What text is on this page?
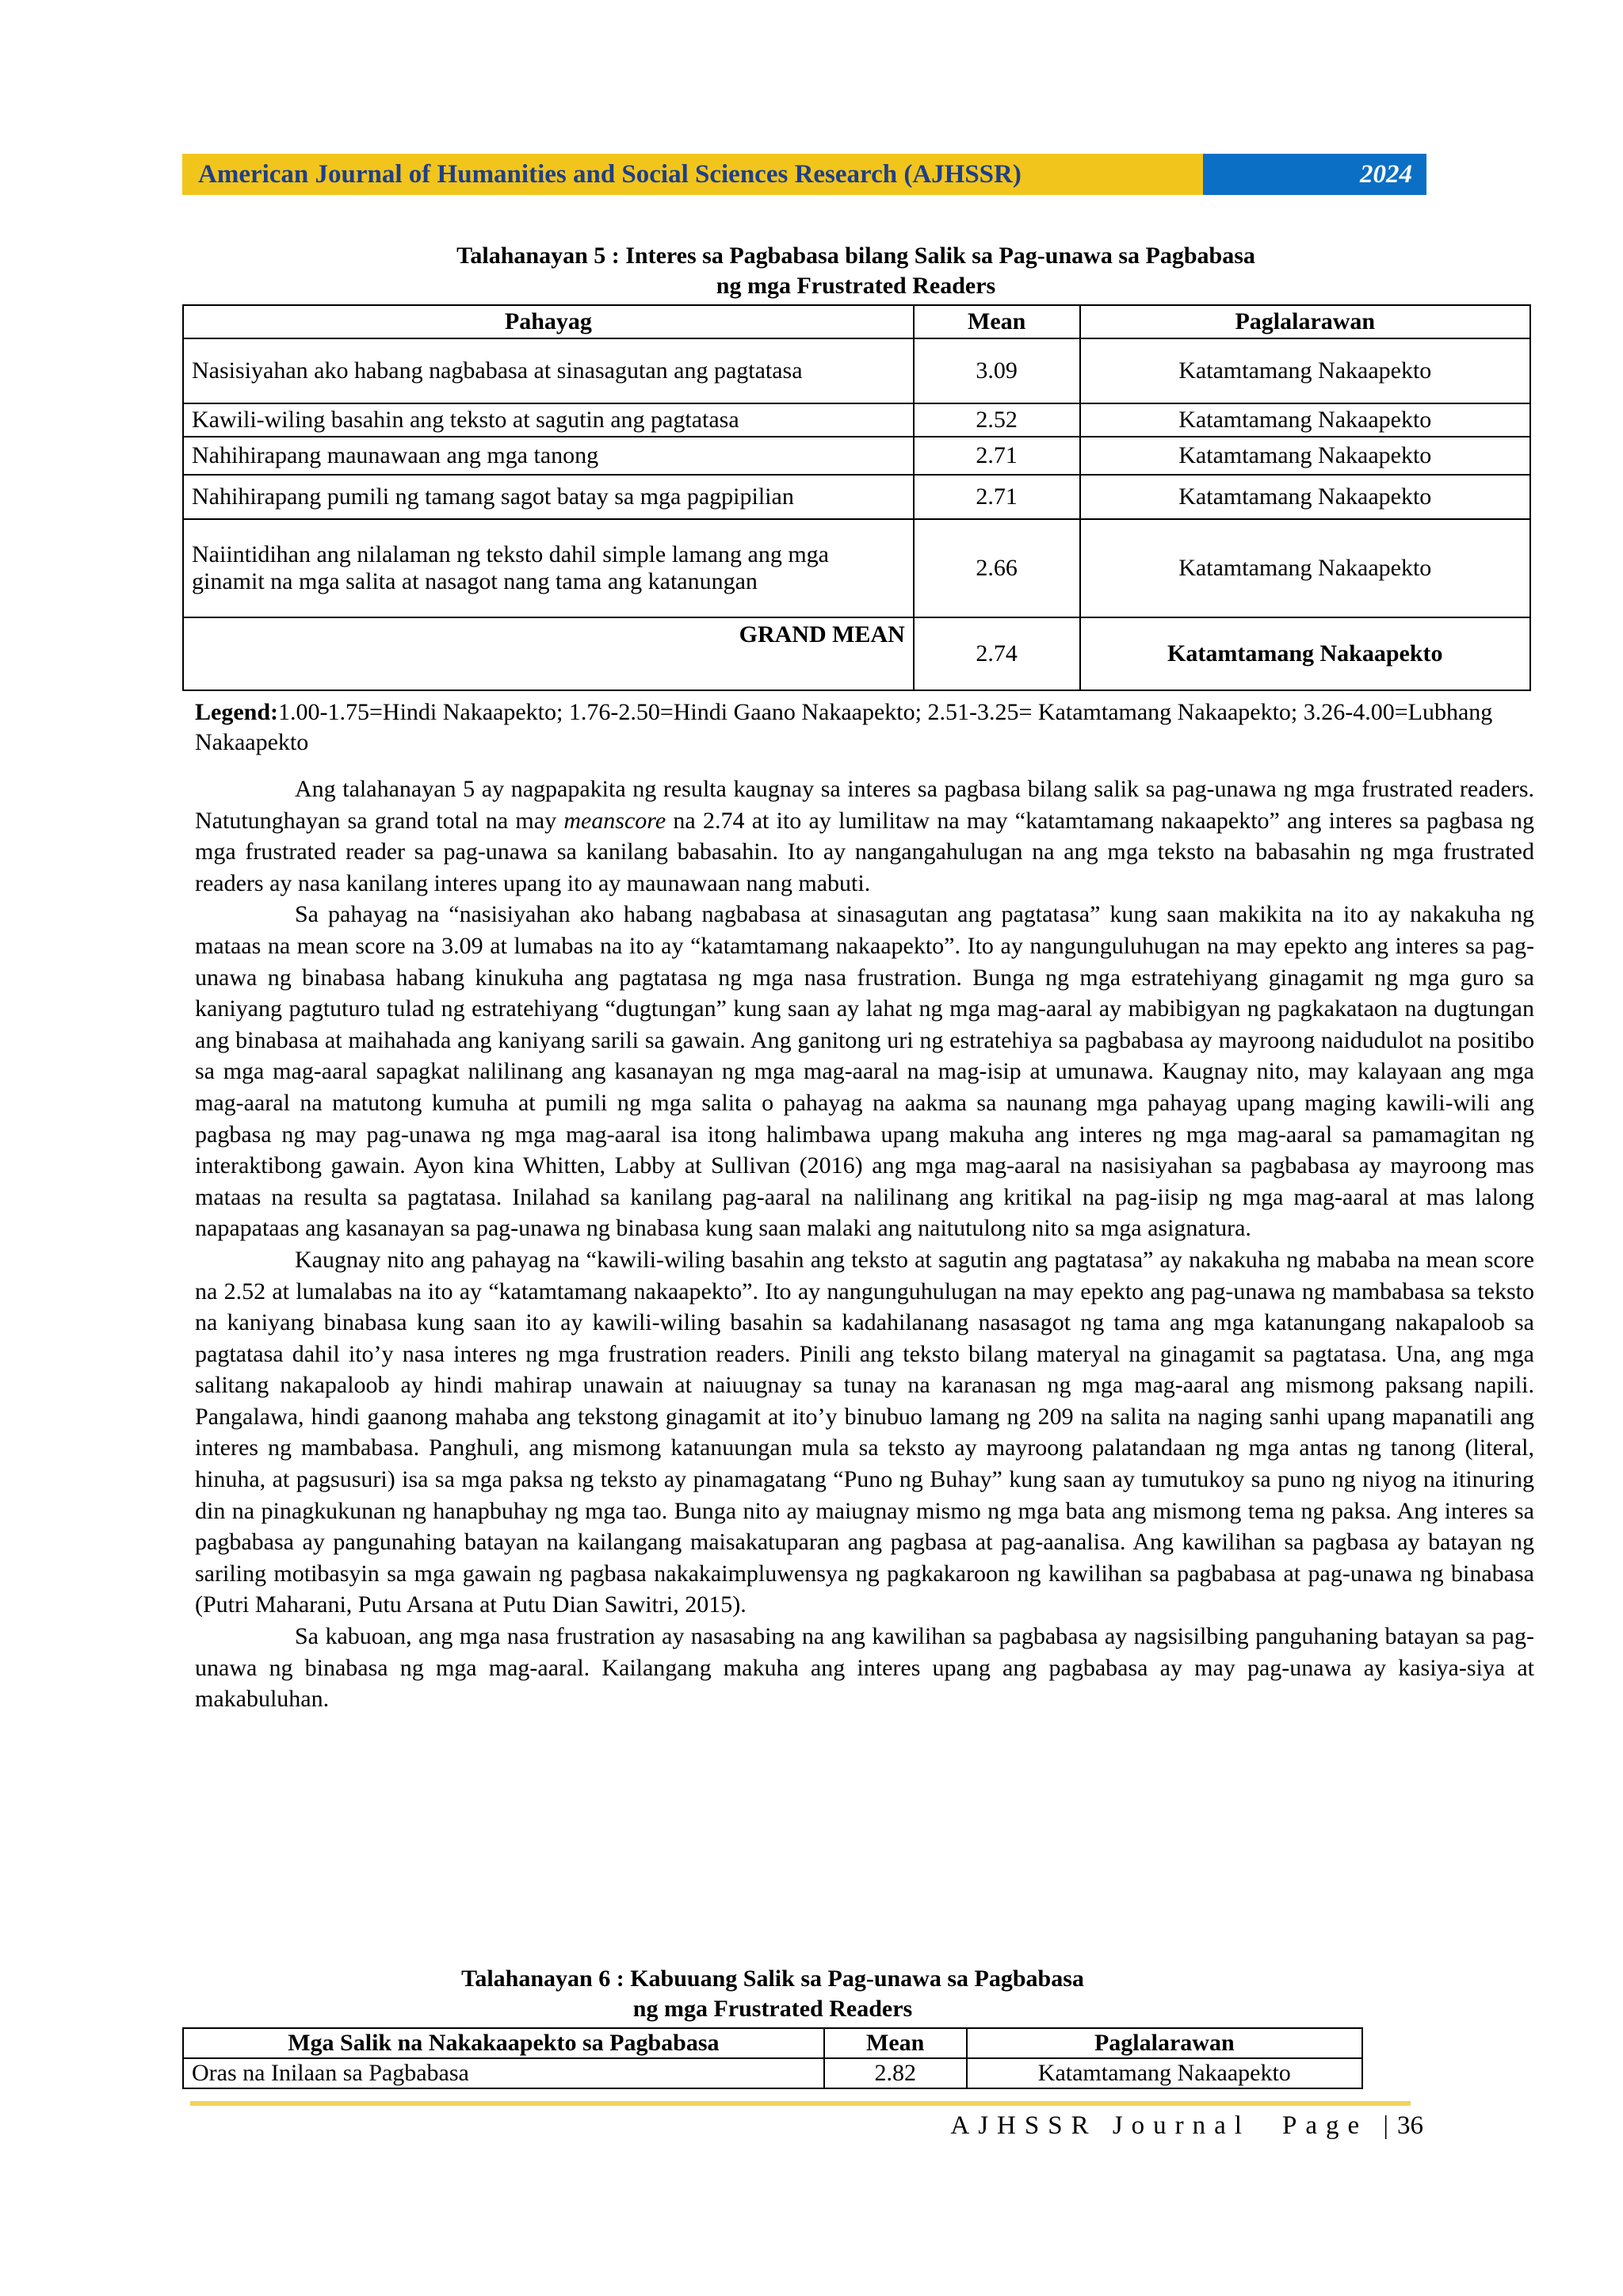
American Journal of Humanities and Social Sciences Research (AJHSSR)	2024
Talahanayan 5 : Interes sa Pagbabasa bilang Salik sa Pag-unawa sa Pagbabasa
ng mga Frustrated Readers
Pahayag	Mean	Paglalarawan
Nasisiyahan ako habang nagbabasa at sinasagutan ang pagtatasa	3.09	Katamtamang Nakaapekto
Kawili-wiling basahin ang teksto at sagutin ang pagtatasa	2.52	Katamtamang Nakaapekto
Nahihirapang maunawaan ang mga tanong	2.71	Katamtamang Nakaapekto
Nahihirapang pumili ng tamang sagot batay sa mga pagpipilian	2.71	Katamtamang Nakaapekto
Naiintidihan ang nilalaman ng teksto dahil simple lamang ang mga ginamit na mga salita at nasagot nang tama ang katanungan	2.66	Katamtamang Nakaapekto
GRAND MEAN	2.74	Katamtamang Nakaapekto
Legend:1.00-1.75=Hindi Nakaapekto; 1.76-2.50=Hindi Gaano Nakaapekto; 2.51-3.25= Katamtamang Nakaapekto; 3.26-4.00=Lubhang Nakaapekto

Ang talahanayan 5 ay nagpapakita ng resulta kaugnay sa interes sa pagbasa bilang salik sa pag-unawa ng mga frustrated readers. Natutunghayan sa grand total na may meanscore na 2.74 at ito ay lumilitaw na may “katamtamang nakaapekto” ang interes sa pagbasa ng mga frustrated reader sa pag-unawa sa kanilang babasahin. Ito ay nangangahulugan na ang mga teksto na babasahin ng mga frustrated readers ay nasa kanilang interes upang ito ay maunawaan nang mabuti.

Sa pahayag na “nasisiyahan ako habang nagbabasa at sinasagutan ang pagtatasa” kung saan makikita na ito ay nakakuha ng mataas na mean score na 3.09 at lumabas na ito ay “katamtamang nakaapekto”. Ito ay nangunguluhugan na may epekto ang interes sa pag-unawa ng binabasa habang kinukuha ang pagtatasa ng mga nasa frustration. Bunga ng mga estratehiyang ginagamit ng mga guro sa kaniyang pagtuturo tulad ng estratehiyang “dugtungan” kung saan ay lahat ng mga mag-aaral ay mabibigyan ng pagkakataon na dugtungan ang binabasa at maihahada ang kaniyang sarili sa gawain. Ang ganitong uri ng estratehiya sa pagbabasa ay mayroong naidudulot na positibo sa mga mag-aaral sapagkat nalilinang ang kasanayan ng mga mag-aaral na mag-isip at umunawa. Kaugnay nito, may kalayaan ang mga mag-aaral na matutong kumuha at pumili ng mga salita o pahayag na aakma sa naunang mga pahayag upang maging kawili-wili ang pagbasa ng may pag-unawa ng mga mag-aaral isa itong halimbawa upang makuha ang interes ng mga mag-aaral sa pamamagitan ng interaktibong gawain. Ayon kina Whitten, Labby at Sullivan (2016) ang mga mag-aaral na nasisiyahan sa pagbabasa ay mayroong mas mataas na resulta sa pagtatasa. Inilahad sa kanilang pag-aaral na nalilinang ang kritikal na pag-iisip ng mga mag-aaral at mas lalong napapataas ang kasanayan sa pag-unawa ng binabasa kung saan malaki ang naitutulong nito sa mga asignatura.

Kaugnay nito ang pahayag na “kawili-wiling basahin ang teksto at sagutin ang pagtatasa” ay nakakuha ng mababa na mean score na 2.52 at lumalabas na ito ay “katamtamang nakaapekto”. Ito ay nangunguhulugan na may epekto ang pag-unawa ng mambabasa sa teksto na kaniyang binabasa kung saan ito ay kawili-wiling basahin sa kadahilanang nasasagot ng tama ang mga katanungang nakapaloob sa pagtatasa dahil ito’y nasa interes ng mga frustration readers. Pinili ang teksto bilang materyal na ginagamit sa pagtatasa. Una, ang mga salitang nakapaloob ay hindi mahirap unawain at naiuugnay sa tunay na karanasan ng mga mag-aaral ang mismong paksang napili. Pangalawa, hindi gaanong mahaba ang tekstong ginagamit at ito’y binubuo lamang ng 209 na salita na naging sanhi upang mapanatili ang interes ng mambabasa. Panghuli, ang mismong katanuungan mula sa teksto ay mayroong palatandaan ng mga antas ng tanong (literal, hinuha, at pagsusuri) isa sa mga paksa ng teksto ay pinamagatang “Puno ng Buhay” kung saan ay tumutukoy sa puno ng niyog na itinuring din na pinagkukunan ng hanapbuhay ng mga tao. Bunga nito ay maiugnay mismo ng mga bata ang mismong tema ng paksa. Ang interes sa pagbabasa ay pangunahing batayan na kailangang maisakatuparan ang pagbasa at pag-aanalisa. Ang kawilihan sa pagbasa ay batayan ng sariling motibasyin sa mga gawain ng pagbasa nakakaimpluwensya ng pagkakaroon ng kawilihan sa pagbabasa at pag-unawa ng binabasa (Putri Maharani, Putu Arsana at Putu Dian Sawitri, 2015).

Sa kabuoan, ang mga nasa frustration ay nasasabing na ang kawilihan sa pagbabasa ay nagsisilbing panguhaning batayan sa pag-unawa ng binabasa ng mga mag-aaral. Kailangang makuha ang interes upang ang pagbabasa ay may pag-unawa ay kasiya-siya at makabuluhan.

Talahanayan 6 : Kabuuang Salik sa Pag-unawa sa Pagbabasa
ng mga Frustrated Readers
Mga Salik na Nakakaapekto sa Pagbabasa	Mean	Paglalarawan
Oras na Inilaan sa Pagbabasa	2.82	Katamtamang Nakaapekto
AJHSSR Journal Page |36
